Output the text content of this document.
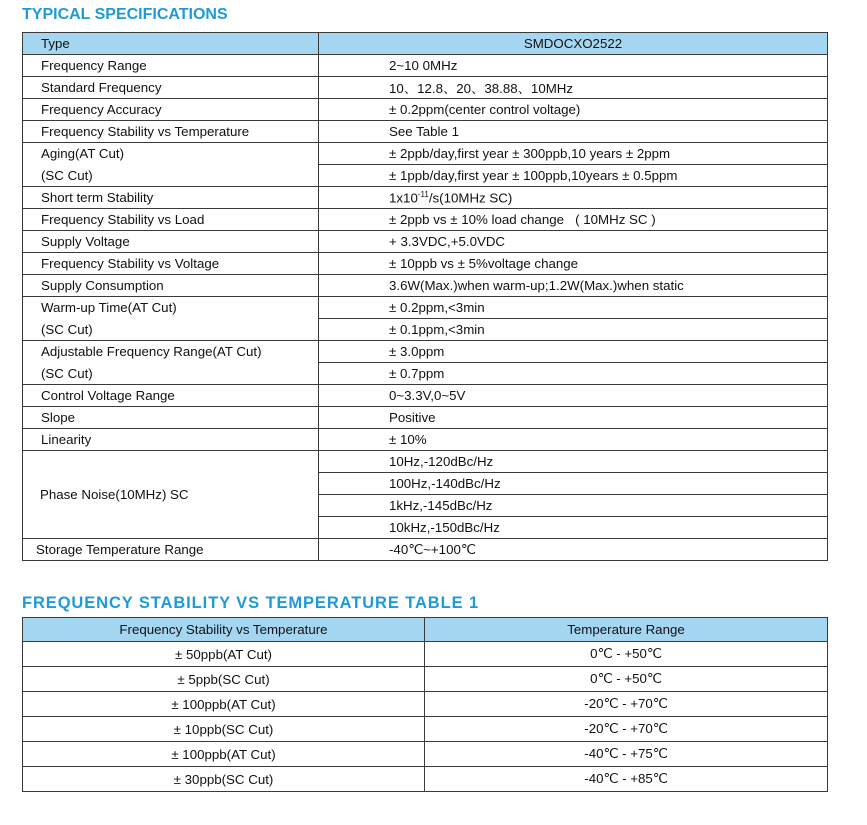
TYPICAL SPECIFICATIONS
Type	SMDOCXO2522
Frequency Range	2~10 0MHz
Standard Frequency	10、12.8、20、38.88、10MHz
Frequency Accuracy	± 0.2ppm(center control voltage)
Frequency Stability vs Temperature	See Table 1
Aging(AT Cut)	± 2ppb/day,first year ± 300ppb,10 years ± 2ppm
(SC Cut)	± 1ppb/day,first year ± 100ppb,10years ± 0.5ppm
Short term Stability	$1x10^{-11}/s(10MHz$ SC)
Frequency Stability vs Load	± 2ppb vs ± 10% load change   ( 10MHz SC )
Supply Voltage	+ 3.3VDC,+5.0VDC
Frequency Stability vs Voltage	± 10ppb vs ± 5%voltage change
Supply Consumption	3.6W(Max.)when warm-up;1.2W(Max.)when static
Warm-up Time(AT Cut)	± 0.2ppm,<3min
(SC Cut)	± 0.1ppm,<3min
Adjustable Frequency Range(AT Cut)	± 3.0ppm
(SC Cut)	± 0.7ppm
Control Voltage Range	0~3.3V,0~5V
Slope	Positive
Linearity	± 10%
Phase Noise(10MHz) SC	10Hz,-120dBc/Hz
	100Hz,-140dBc/Hz
	1kHz,-145dBc/Hz
	10kHz,-150dBc/Hz
Storage Temperature Range	-40℃~+100℃
FREQUENCY STABILITY VS TEMPERATURE TABLE 1
Frequency Stability vs Temperature	Temperature Range
± 50ppb(AT Cut)	0℃ - +50℃
± 5ppb(SC Cut)	0℃ - +50℃
± 100ppb(AT Cut)	-20℃ - +70℃
± 10ppb(SC Cut)	-20℃ - +70℃
± 100ppb(AT Cut)	-40℃ - +75℃
± 30ppb(SC Cut)	-40℃ - +85℃
